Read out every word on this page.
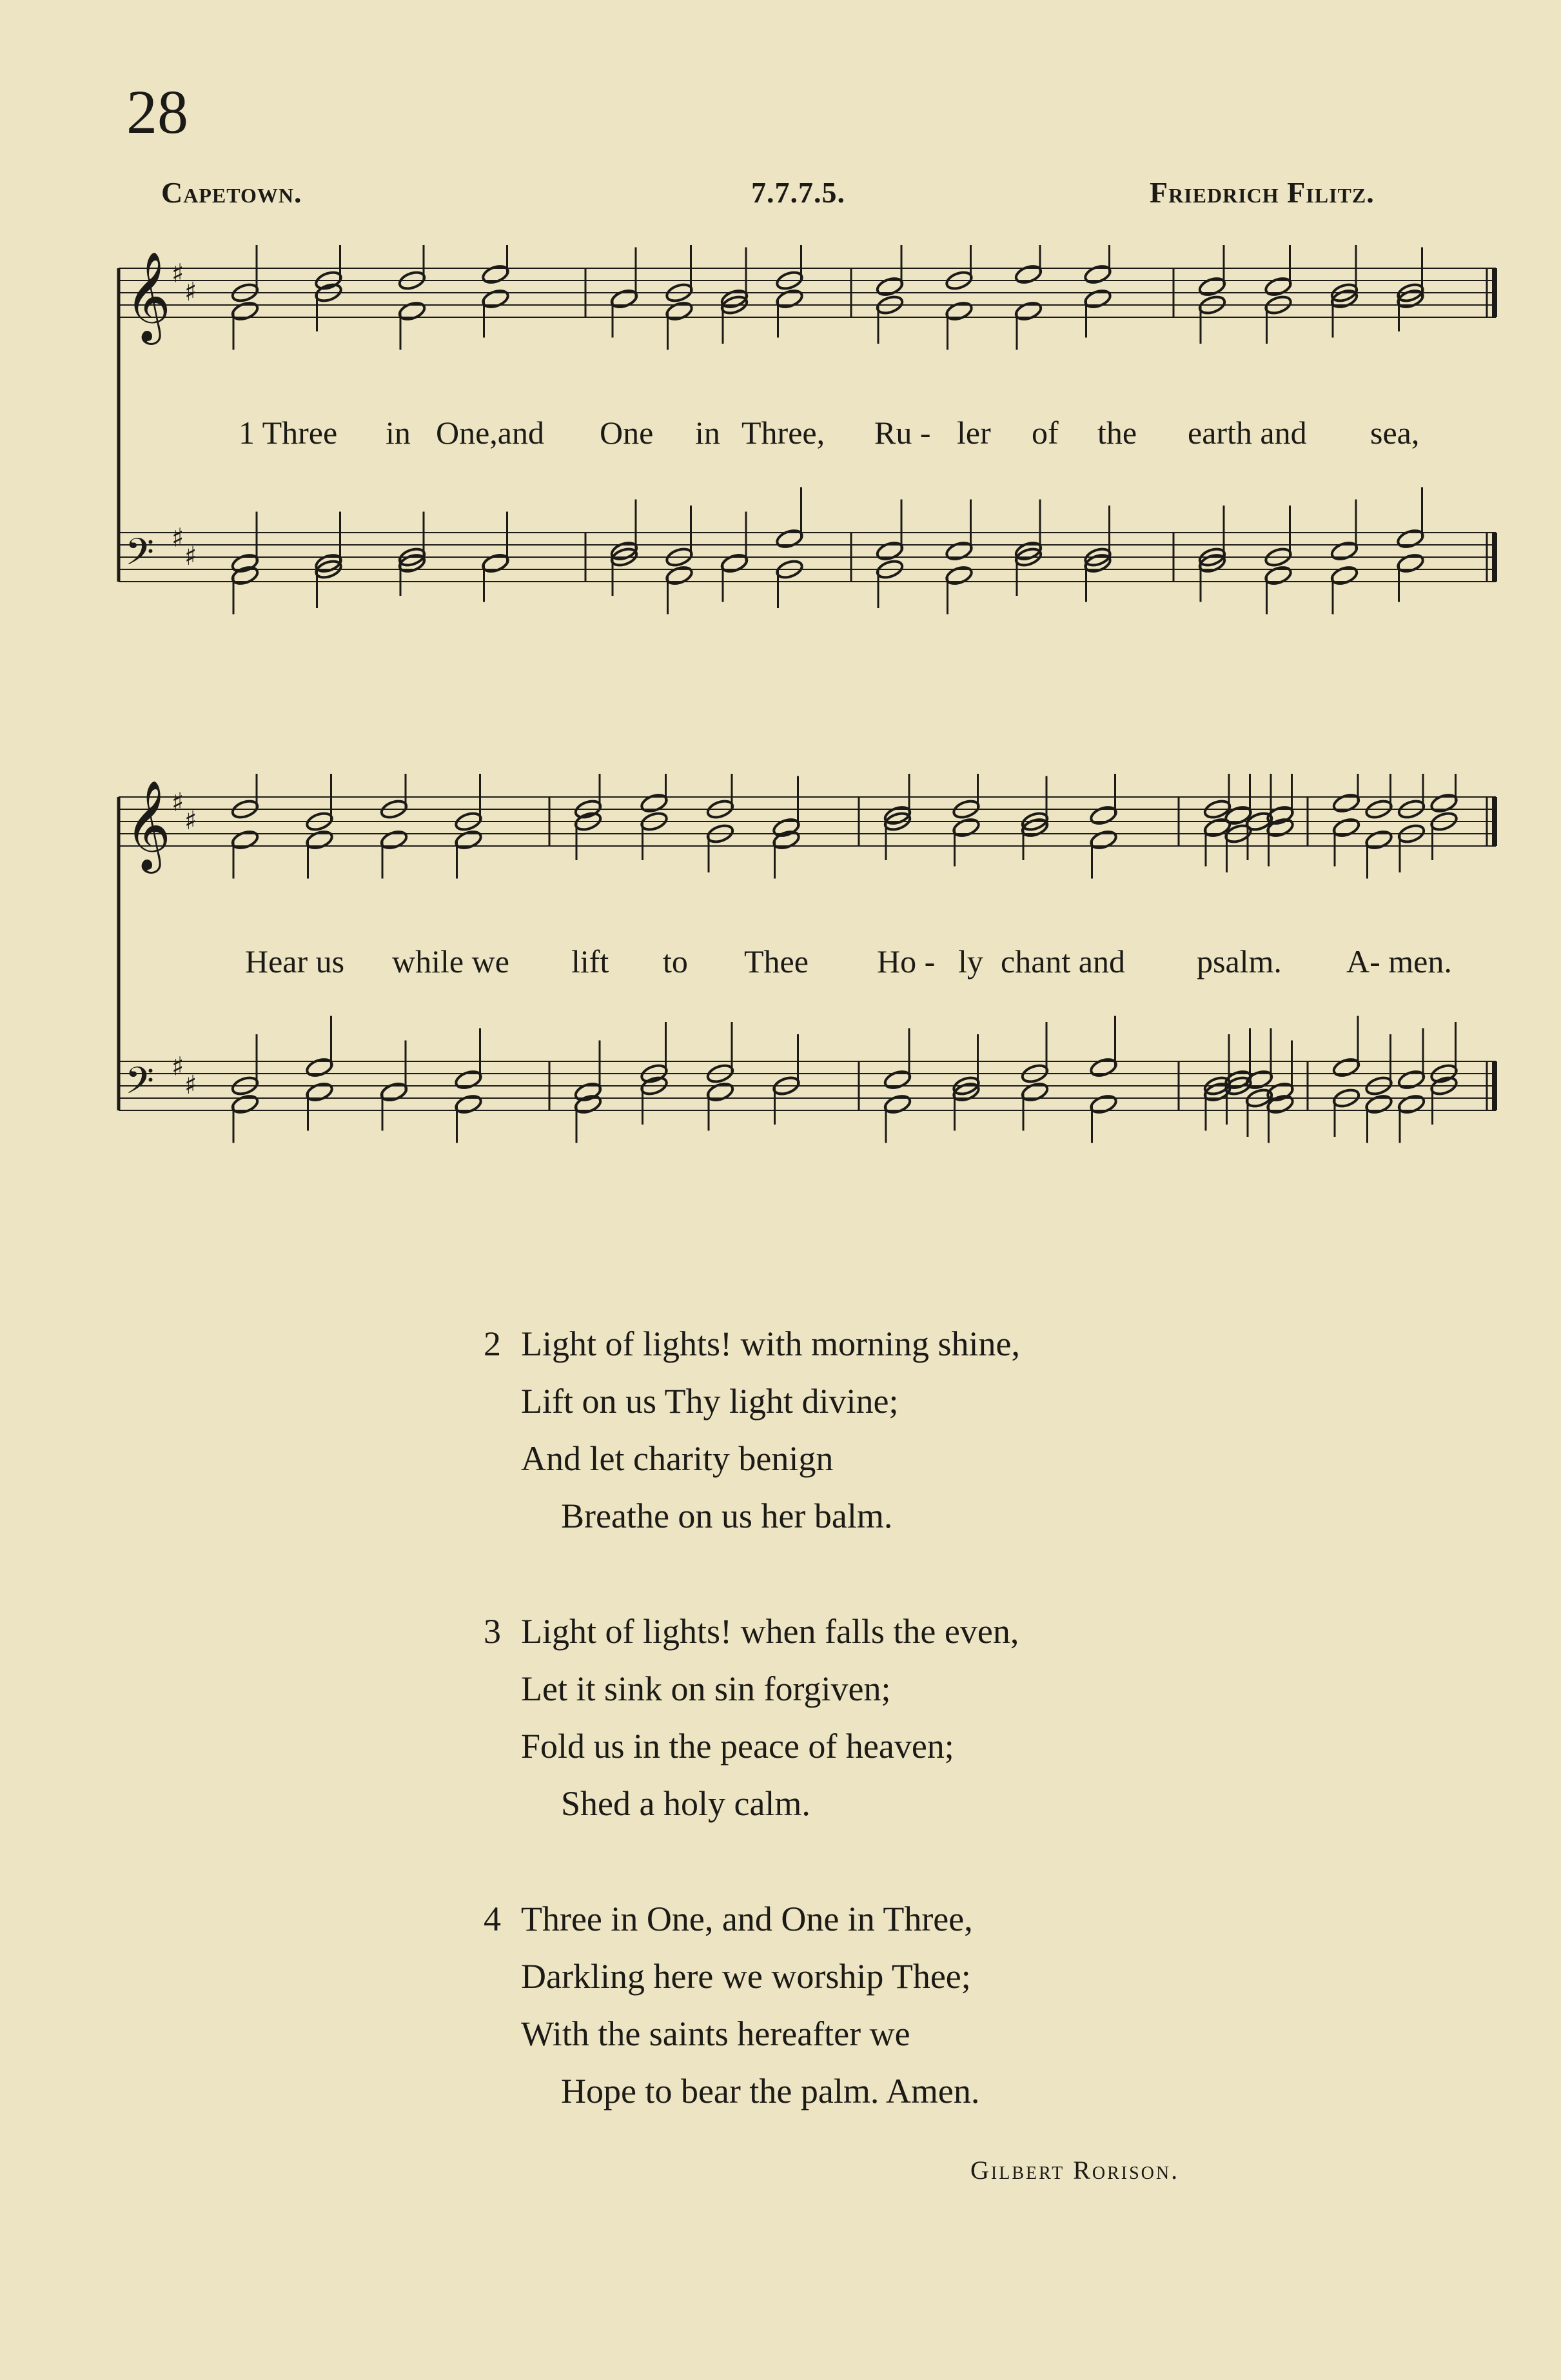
28
Capetown.	7.7.7.5.	Friedrich Filitz.
𝄞 ♯
♯
𝄢 ♯
♯
1 Three in One,and One in Three, Ru - ler of the earth and sea,
𝄞 ♯
♯
𝄢 ♯
♯
Hear us while we lift to Thee Ho - ly chant and psalm. A- men.
2 Light of lights! with morning shine,
Lift on us Thy light divine;
And let charity benign
Breathe on us her balm.
3 Light of lights! when falls the even,
Let it sink on sin forgiven;
Fold us in the peace of heaven;
Shed a holy calm.
4 Three in One, and One in Three,
Darkling here we worship Thee;
With the saints hereafter we
Hope to bear the palm. Amen.
Gilbert Rorison.
